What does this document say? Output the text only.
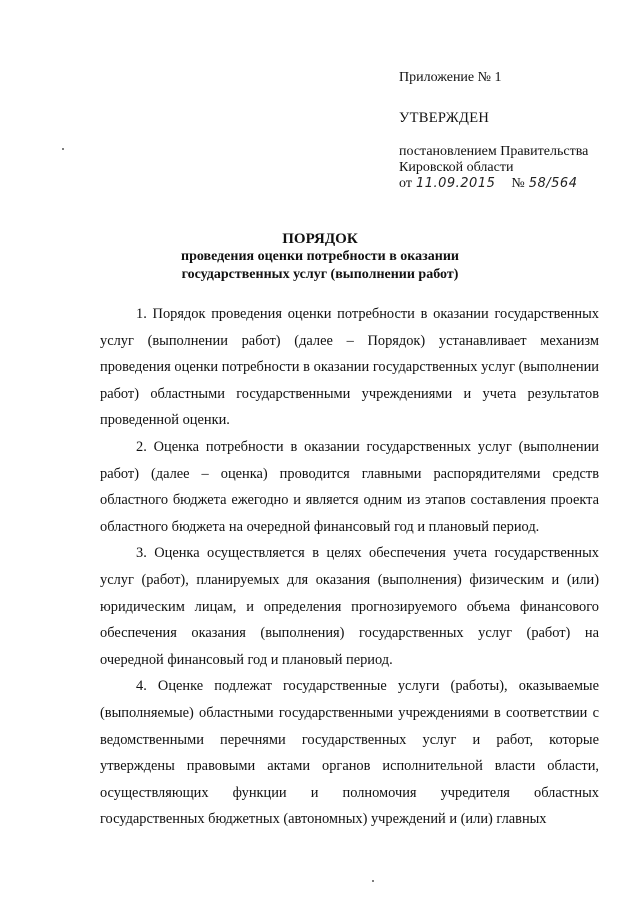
Приложение № 1
УТВЕРЖДЕН
постановлением Правительства
Кировской области
от 11.09.2015 № 58/564
ПОРЯДОК
проведения оценки потребности в оказании
государственных услуг (выполнении работ)

1. Порядок проведения оценки потребности в оказании государственных услуг (выполнении работ) (далее – Порядок) устанавливает механизм проведения оценки потребности в оказании государственных услуг (выполнении работ) областными государственными учреждениями и учета результатов проведенной оценки.

2. Оценка потребности в оказании государственных услуг (выполнении работ) (далее – оценка) проводится главными распорядителями средств областного бюджета ежегодно и является одним из этапов составления проекта областного бюджета на очередной финансовый год и плановый период.

3. Оценка осуществляется в целях обеспечения учета государственных услуг (работ), планируемых для оказания (выполнения) физическим и (или) юридическим лицам, и определения прогнозируемого объема финансового обеспечения оказания (выполнения) государственных услуг (работ) на очередной финансовый год и плановый период.

4. Оценке подлежат государственные услуги (работы), оказываемые (выполняемые) областными государственными учреждениями в соответствии с ведомственными перечнями государственных услуг и работ, которые утверждены правовыми актами органов исполнительной власти области, осуществляющих функции и полномочия учредителя областных государственных бюджетных (автономных) учреждений и (или) главных
